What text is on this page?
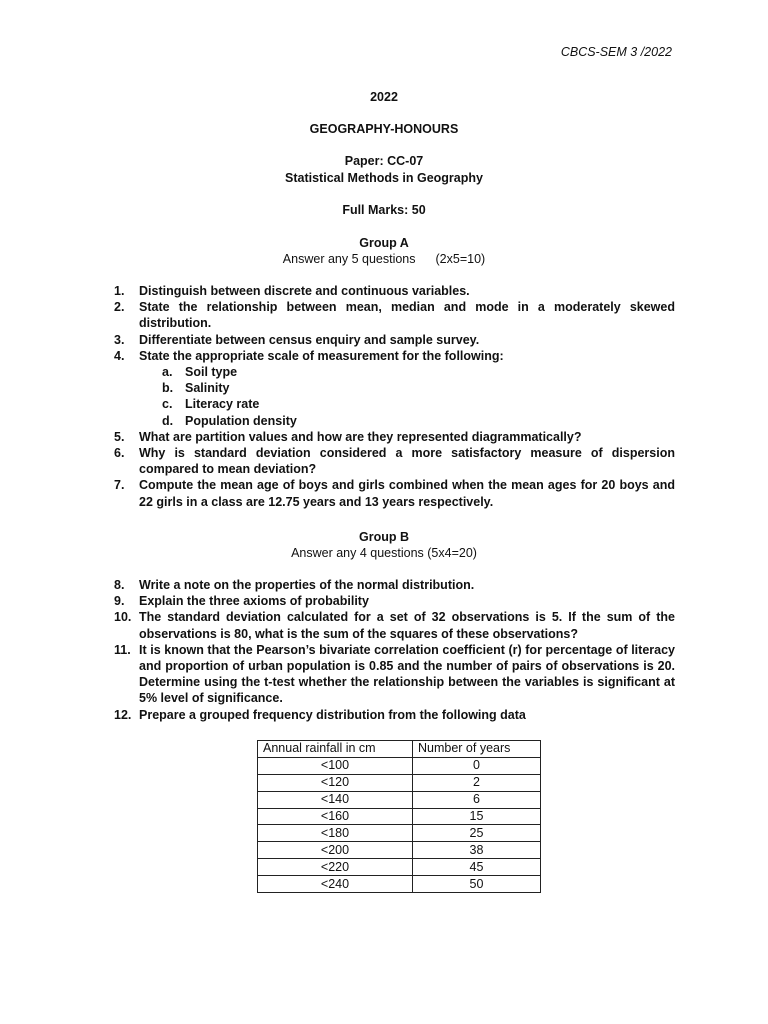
CBCS-SEM 3 /2022
2022
GEOGRAPHY-HONOURS
Paper: CC-07
Statistical Methods in Geography
Full Marks: 50
Group A
Answer any 5 questions (2x5=10)
1.	Distinguish between discrete and continuous variables.
2.	State the relationship between mean, median and mode in a moderately skewed distribution.
3.	Differentiate between census enquiry and sample survey.
4.	State the appropriate scale of measurement for the following:
a.	Soil type
b. Salinity
c.	Literacy rate
d. Population density
5.	What are partition values and how are they represented diagrammatically?
6.	Why is standard deviation considered a more satisfactory measure of dispersion compared to mean deviation?
7.	Compute the mean age of boys and girls combined when the mean ages for 20 boys and 22 girls in a class are 12.75 years and 13 years respectively.
Group B
Answer any 4 questions (5x4=20)
8.	Write a note on the properties of the normal distribution.
9.	Explain the three axioms of probability
10. The standard deviation calculated for a set of 32 observations is 5. If the sum of the observations is 80, what is the sum of the squares of these observations?
11. It is known that the Pearson’s bivariate correlation coefficient (r) for percentage of literacy and proportion of urban population is 0.85 and the number of pairs of observations is 20. Determine using the t-test whether the relationship between the variables is significant at 5% level of significance.
12. Prepare a grouped frequency distribution from the following data
Annual rainfall in cm	Number of years
<100	0
<120	2
<140	6
<160	15
<180	25
<200	38
<220	45
<240	50
